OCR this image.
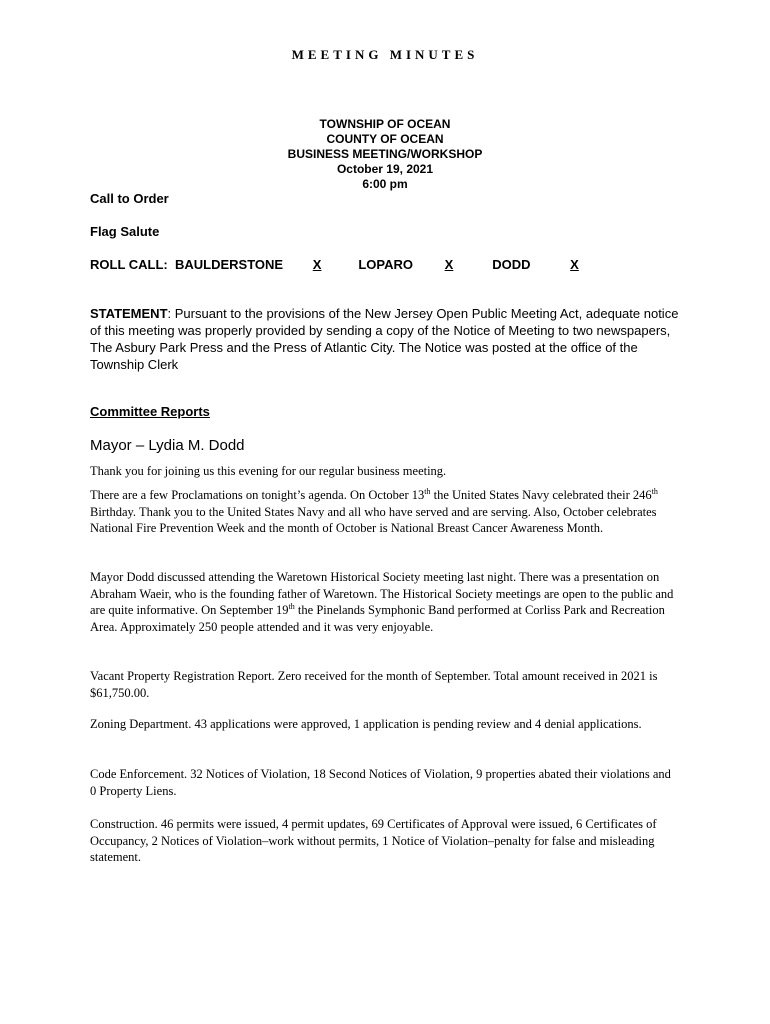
MEETING MINUTES
TOWNSHIP OF OCEAN
COUNTY OF OCEAN
BUSINESS MEETING/WORKSHOP
October 19, 2021
6:00 pm
Call to Order
Flag Salute
ROLL CALL: BAULDERSTONE X	LOPARO X	DODD	X
STATEMENT: Pursuant to the provisions of the New Jersey Open Public Meeting Act, adequate notice of this meeting was properly provided by sending a copy of the Notice of Meeting to two newspapers, The Asbury Park Press and the Press of Atlantic City. The Notice was posted at the office of the Township Clerk
Committee Reports
Mayor – Lydia M. Dodd
Thank you for joining us this evening for our regular business meeting.
There are a few Proclamations on tonight’s agenda. On October 13th the United States Navy celebrated their 246th Birthday. Thank you to the United States Navy and all who have served and are serving. Also, October celebrates National Fire Prevention Week and the month of October is National Breast Cancer Awareness Month.
Mayor Dodd discussed attending the Waretown Historical Society meeting last night. There was a presentation on Abraham Waeir, who is the founding father of Waretown. The Historical Society meetings are open to the public and are quite informative. On September 19th the Pinelands Symphonic Band performed at Corliss Park and Recreation Area. Approximately 250 people attended and it was very enjoyable.
Vacant Property Registration Report. Zero received for the month of September. Total amount received in 2021 is $61,750.00.
Zoning Department. 43 applications were approved, 1 application is pending review and 4 denial applications.
Code Enforcement. 32 Notices of Violation, 18 Second Notices of Violation, 9 properties abated their violations and 0 Property Liens.
Construction. 46 permits were issued, 4 permit updates, 69 Certificates of Approval were issued, 6 Certificates of Occupancy, 2 Notices of Violation–work without permits, 1 Notice of Violation–penalty for false and misleading statement.
